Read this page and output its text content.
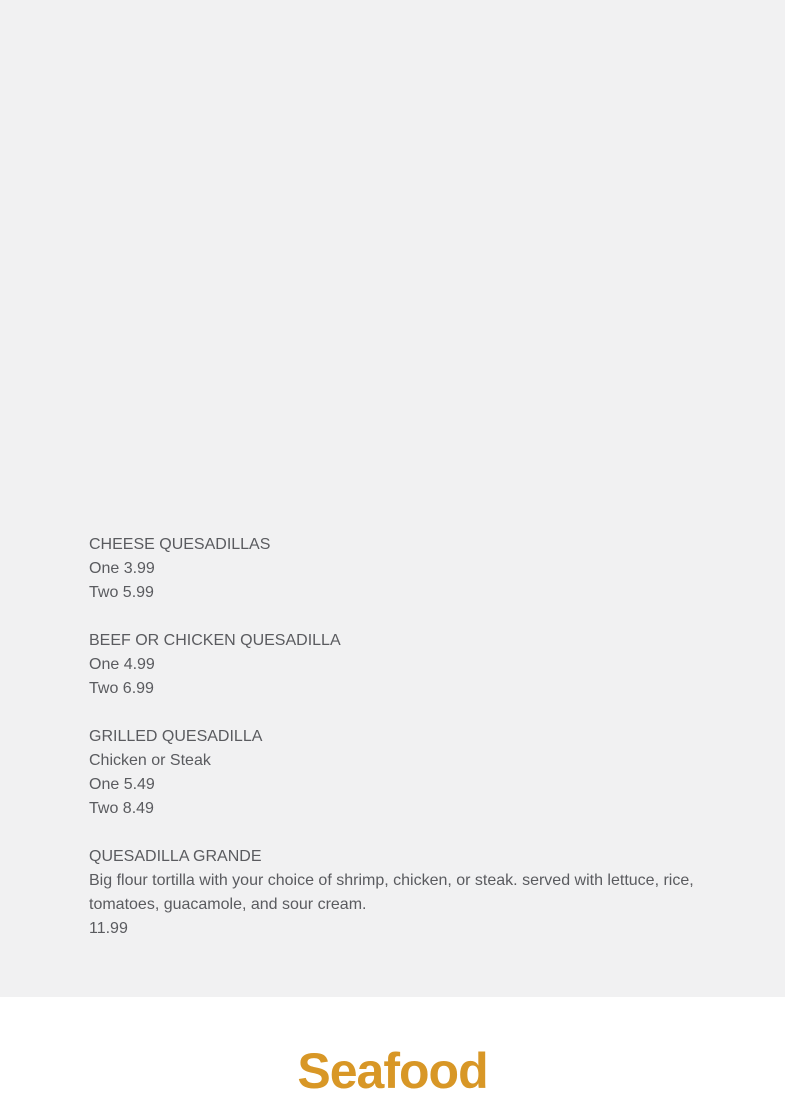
CHEESE QUESADILLAS
One 3.99
Two 5.99

BEEF OR CHICKEN QUESADILLA
One 4.99
Two 6.99

GRILLED QUESADILLA
Chicken or Steak
One 5.49
Two 8.49

QUESADILLA GRANDE
Big flour tortilla with your choice of shrimp, chicken, or steak. served with lettuce, rice,
tomatoes, guacamole, and sour cream.
11.99

Seafood
